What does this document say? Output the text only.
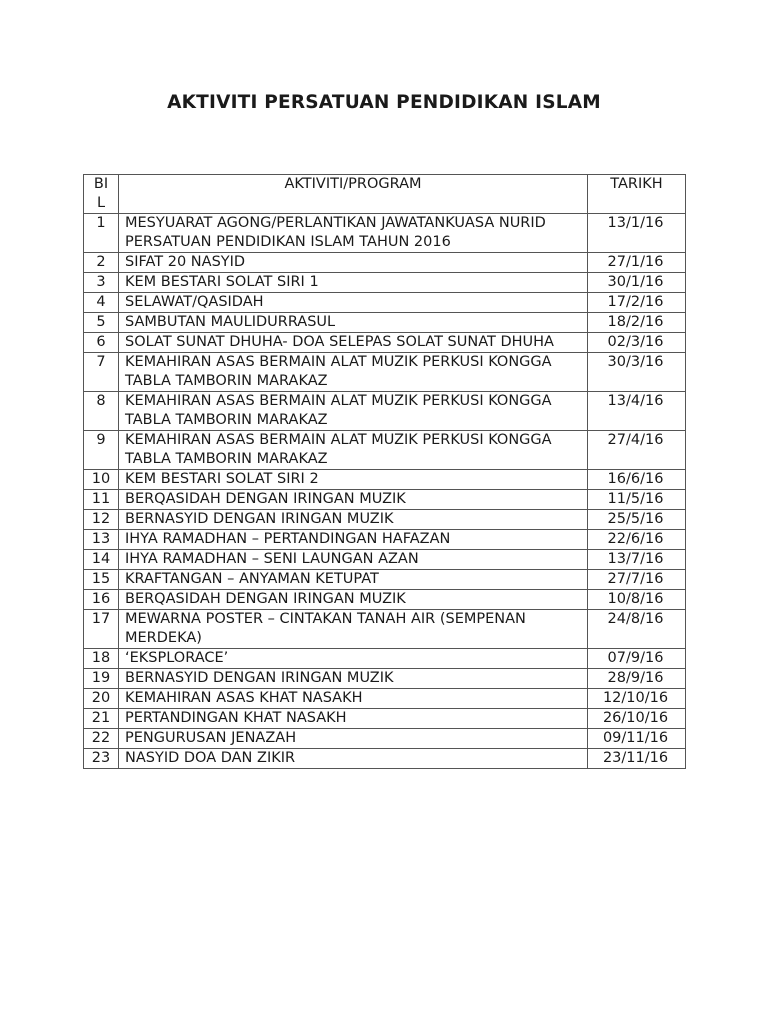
AKTIVITI PERSATUAN PENDIDIKAN ISLAM
BI
L	AKTIVITI/PROGRAM	TARIKH
1	MESYUARAT AGONG/PERLANTIKAN JAWATANKUASA NURID PERSATUAN PENDIDIKAN ISLAM TAHUN 2016	13/1/16
2	SIFAT 20 NASYID	27/1/16
3	KEM BESTARI SOLAT SIRI 1	30/1/16
4	SELAWAT/QASIDAH	17/2/16
5	SAMBUTAN MAULIDURRASUL	18/2/16
6	SOLAT SUNAT DHUHA- DOA SELEPAS SOLAT SUNAT DHUHA	02/3/16
7	KEMAHIRAN ASAS BERMAIN ALAT MUZIK PERKUSI KONGGA TABLA TAMBORIN MARAKAZ	30/3/16
8	KEMAHIRAN ASAS BERMAIN ALAT MUZIK PERKUSI KONGGA TABLA TAMBORIN MARAKAZ	13/4/16
9	KEMAHIRAN ASAS BERMAIN ALAT MUZIK PERKUSI KONGGA TABLA TAMBORIN MARAKAZ	27/4/16
10	KEM BESTARI SOLAT SIRI 2	16/6/16
11	BERQASIDAH DENGAN IRINGAN MUZIK	11/5/16
12	BERNASYID DENGAN IRINGAN MUZIK	25/5/16
13	IHYA RAMADHAN – PERTANDINGAN HAFAZAN	22/6/16
14	IHYA RAMADHAN – SENI LAUNGAN AZAN	13/7/16
15	KRAFTANGAN – ANYAMAN KETUPAT	27/7/16
16	BERQASIDAH DENGAN IRINGAN MUZIK	10/8/16
17	MEWARNA POSTER – CINTAKAN TANAH AIR (SEMPENAN MERDEKA)	24/8/16
18	‘EKSPLORACE’	07/9/16
19	BERNASYID DENGAN IRINGAN MUZIK	28/9/16
20	KEMAHIRAN ASAS KHAT NASAKH	12/10/16
21	PERTANDINGAN KHAT NASAKH	26/10/16
22	PENGURUSAN JENAZAH	09/11/16
23	NASYID DOA DAN ZIKIR	23/11/16
